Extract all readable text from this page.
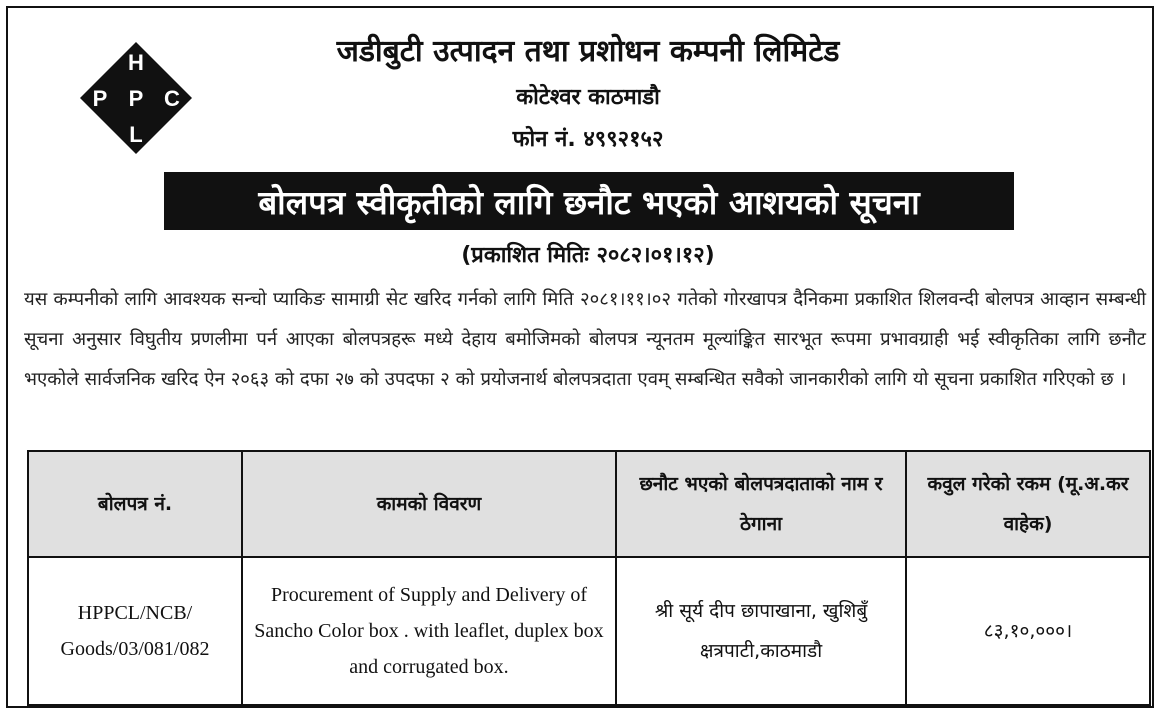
H
P P C
L
जडीबुटी उत्पादन तथा प्रशोधन कम्पनी लिमिटेड
कोटेश्वर काठमाडौ
फोन नं. ४९९२१५२
बोलपत्र स्वीकृतीको लागि छनौट भएको आशयको सूचना
(प्रकाशित मितिः २०८२।०१।१२)
यस कम्पनीको लागि आवश्यक सन्चो प्याकिङ सामाग्री सेट खरिद गर्नको लागि मिति २०८१।११।०२ गतेको गोरखापत्र दैनिकमा प्रकाशित शिलवन्दी बोलपत्र आव्हान सम्बन्धी सूचना अनुसार विघुतीय प्रणलीमा पर्न आएका बोलपत्रहरू मध्ये देहाय बमोजिमको बोलपत्र न्यूनतम मूल्यांङ्कित सारभूत रूपमा प्रभावग्राही भई स्वीकृतिका लागि छनौट भएकोले सार्वजनिक खरिद ऐन २०६३ को दफा २७ को उपदफा २ को प्रयोजनार्थ बोलपत्रदाता एवम् सम्बन्धित सवैको जानकारीको लागि यो सूचना प्रकाशित गरिएको छ ।
बोलपत्र नं.	कामको विवरण	छनौट भएको बोलपत्रदाताको नाम र ठेगाना	कवुल गरेको रकम (मू.अ.कर वाहेक)
HPPCL/NCB/ Goods/03/081/082	Procurement of Supply and Delivery of Sancho Color box . with leaflet, duplex box and corrugated box.	श्री सूर्य दीप छापाखाना, खुशिबुँ क्षत्रपाटी,काठमाडौ	८३,१०,०००।
